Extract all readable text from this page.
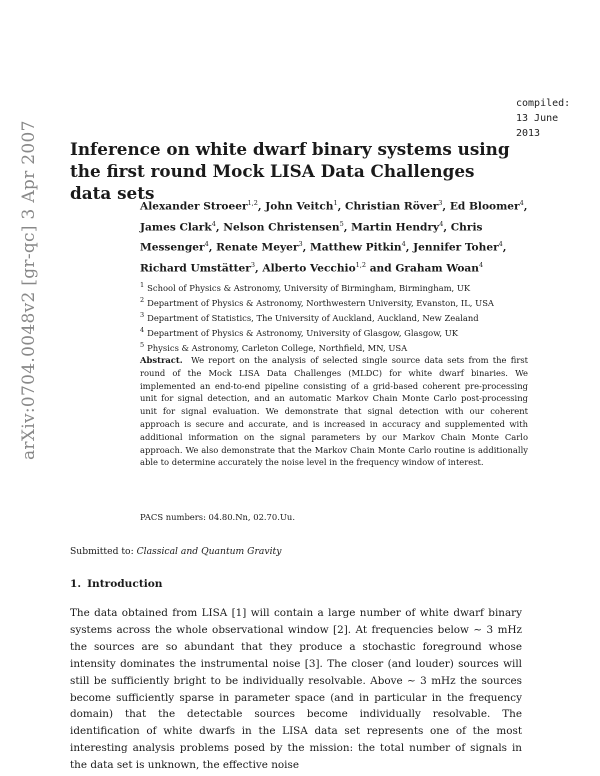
compiled:
13 June
2013
arXiv:0704.0048v2 [gr-qc] 3 Apr 2007 Inference on white dwarf binary systems using the first round Mock LISA Data Challenges data sets

Alexander Stroeer$^{1,2}$, John Veitch$^1$, Christian Röver$^3$, Ed Bloomer$^4$, James Clark$^4$, Nelson Christensen$^5$, Martin Hendry$^4$, Chris Messenger$^4$, Renate Meyer$^3$, Matthew Pitkin$^4$, Jennifer Toher$^4$, Richard Umstätter$^3$, Alberto Vecchio$^{1,2}$ and Graham Woan$^4$

$^1$ School of Physics & Astronomy, University of Birmingham, Birmingham, UK
$^2$ Department of Physics & Astronomy, Northwestern University, Evanston, IL, USA
$^3$ Department of Statistics, The University of Auckland, Auckland, New Zealand
$^4$ Department of Physics & Astronomy, University of Glasgow, Glasgow, UK
$^5$ Physics & Astronomy, Carleton College, Northfield, MN, USA

Abstract. We report on the analysis of selected single source data sets from the first round of the Mock LISA Data Challenges (MLDC) for white dwarf binaries. We implemented an end-to-end pipeline consisting of a grid-based coherent pre-processing unit for signal detection, and an automatic Markov Chain Monte Carlo post-processing unit for signal evaluation. We demonstrate that signal detection with our coherent approach is secure and accurate, and is increased in accuracy and supplemented with additional information on the signal parameters by our Markov Chain Monte Carlo approach. We also demonstrate that the Markov Chain Monte Carlo routine is additionally able to determine accurately the noise level in the frequency window of interest.

PACS numbers: 04.80.Nn, 02.70.Uu.

Submitted to: Classical and Quantum Gravity

1. Introduction

The data obtained from LISA [1] will contain a large number of white dwarf binary systems across the whole observational window [2]. At frequencies below ∼ 3 mHz the sources are so abundant that they produce a stochastic foreground whose intensity dominates the instrumental noise [3]. The closer (and louder) sources will still be sufficiently bright to be individually resolvable. Above ∼ 3 mHz the sources become sufficiently sparse in parameter space (and in particular in the frequency domain) that the detectable sources become individually resolvable. The identification of white dwarfs in the LISA data set represents one of the most interesting analysis problems posed by the mission: the total number of signals in the data set is unknown, the effective noise
